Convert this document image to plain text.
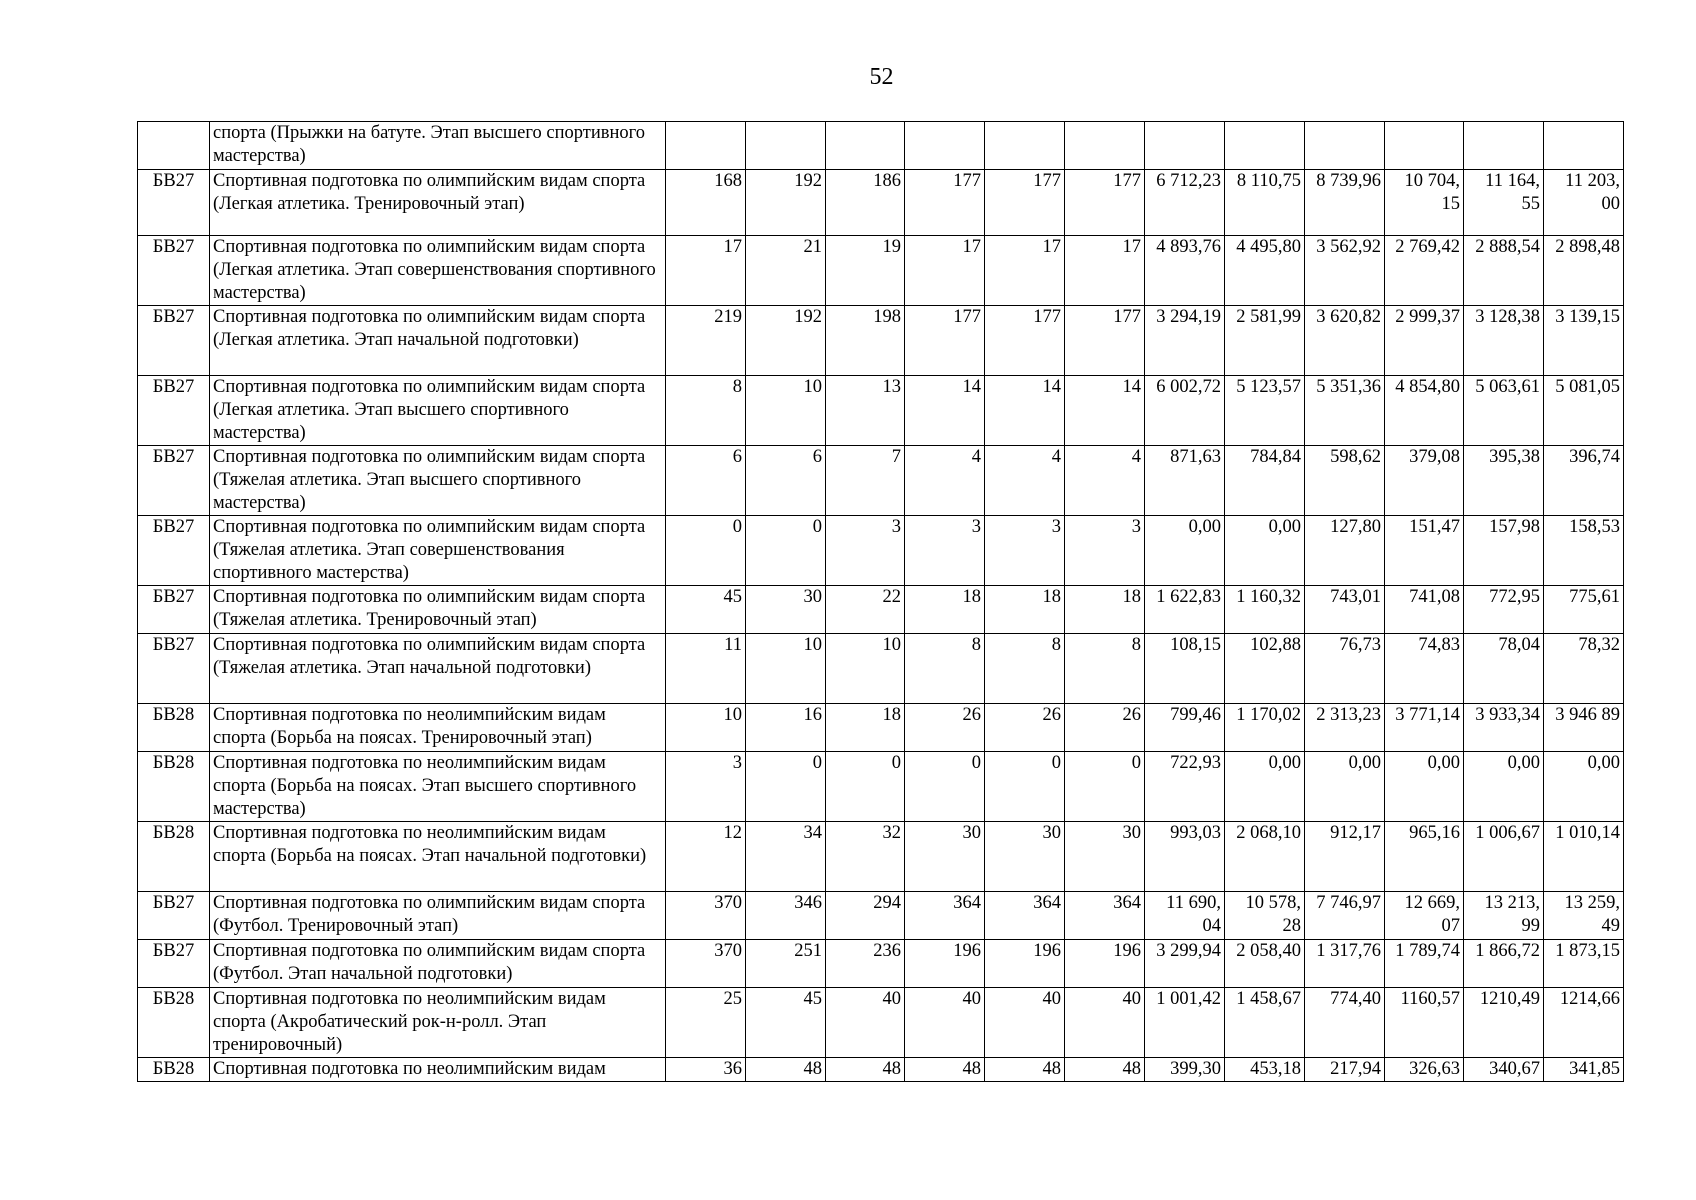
52
	спорта (Прыжки на батуте. Этап высшего спортивного мастерства)												
БВ27	Спортивная подготовка по олимпийским видам спорта (Легкая атлетика. Тренировочный этап)	168	192	186	177	177	177	6 712,23	8 110,75	8 739,96	10 704, 15	11 164, 55	11 203, 00
БВ27	Спортивная подготовка по олимпийским видам спорта (Легкая атлетика. Этап совершенствования спортивного мастерства)	17	21	19	17	17	17	4 893,76	4 495,80	3 562,92	2 769,42	2 888,54	2 898,48
БВ27	Спортивная подготовка по олимпийским видам спорта (Легкая атлетика. Этап начальной подготовки)	219	192	198	177	177	177	3 294,19	2 581,99	3 620,82	2 999,37	3 128,38	3 139,15
БВ27	Спортивная подготовка по олимпийским видам спорта (Легкая атлетика. Этап высшего спортивного мастерства)	8	10	13	14	14	14	6 002,72	5 123,57	5 351,36	4 854,80	5 063,61	5 081,05
БВ27	Спортивная подготовка по олимпийским видам спорта (Тяжелая атлетика. Этап высшего спортивного мастерства)	6	6	7	4	4	4	871,63	784,84	598,62	379,08	395,38	396,74
БВ27	Спортивная подготовка по олимпийским видам спорта (Тяжелая атлетика. Этап совершенствования спортивного мастерства)	0	0	3	3	3	3	0,00	0,00	127,80	151,47	157,98	158,53
БВ27	Спортивная подготовка по олимпийским видам спорта (Тяжелая атлетика. Тренировочный этап)	45	30	22	18	18	18	1 622,83	1 160,32	743,01	741,08	772,95	775,61
БВ27	Спортивная подготовка по олимпийским видам спорта (Тяжелая атлетика. Этап начальной подготовки)	11	10	10	8	8	8	108,15	102,88	76,73	74,83	78,04	78,32
БВ28	Спортивная подготовка по неолимпийским видам спорта (Борьба на поясах. Тренировочный этап)	10	16	18	26	26	26	799,46	1 170,02	2 313,23	3 771,14	3 933,34	3 946 89
БВ28	Спортивная подготовка по неолимпийским видам спорта (Борьба на поясах. Этап высшего спортивного мастерства)	3	0	0	0	0	0	722,93	0,00	0,00	0,00	0,00	0,00
БВ28	Спортивная подготовка по неолимпийским видам спорта (Борьба на поясах. Этап начальной подготовки)	12	34	32	30	30	30	993,03	2 068,10	912,17	965,16	1 006,67	1 010,14
БВ27	Спортивная подготовка по олимпийским видам спорта (Футбол. Тренировочный этап)	370	346	294	364	364	364	11 690, 04	10 578, 28	7 746,97	12 669, 07	13 213, 99	13 259, 49
БВ27	Спортивная подготовка по олимпийским видам спорта (Футбол. Этап начальной подготовки)	370	251	236	196	196	196	3 299,94	2 058,40	1 317,76	1 789,74	1 866,72	1 873,15
БВ28	Спортивная подготовка по неолимпийским видам спорта (Акробатический рок-н-ролл. Этап тренировочный)	25	45	40	40	40	40	1 001,42	1 458,67	774,40	1160,57	1210,49	1214,66
БВ28	Спортивная подготовка по неолимпийским видам	36	48	48	48	48	48	399,30	453,18	217,94	326,63	340,67	341,85
